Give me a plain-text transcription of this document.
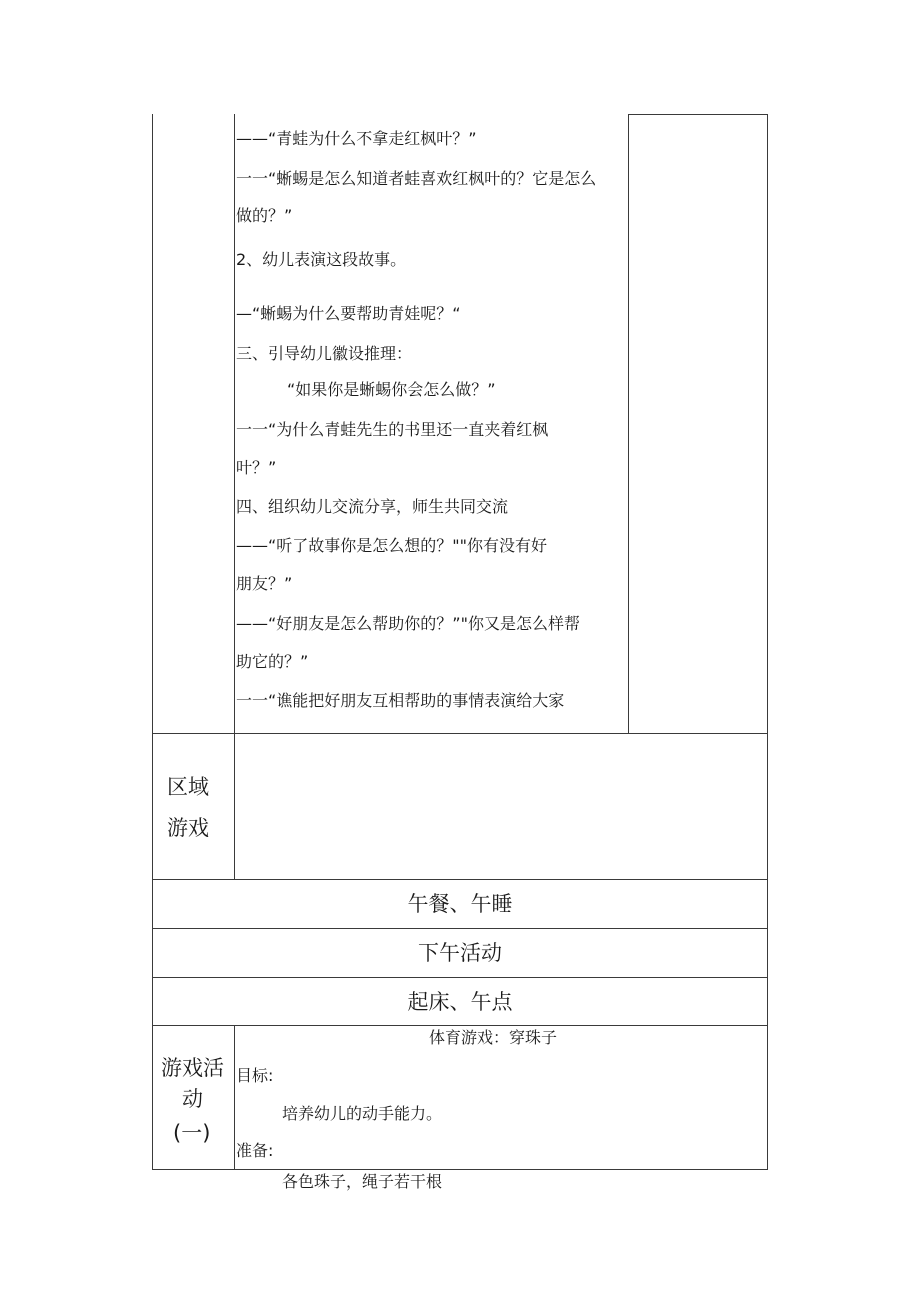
——“青蛙为什么不拿走红枫叶？”
一一“蜥蜴是怎么知道者蛙喜欢红枫叶的？它是怎么
做的？”
2、幼儿表演这段故事。
—“蜥蜴为什么要帮助青娃呢？“
三、引导幼儿徽设推理：
“如果你是蜥蜴你会怎么做？”
一一“为什么青蛙先生的书里还一直夹着红枫
叶？”
四、组织幼儿交流分享，师生共同交流
——“听了故事你是怎么想的？""你有没有好
朋友？”
——“好朋友是怎么帮助你的？”"你又是怎么样帮
助它的？”
一一“谯能把好朋友互相帮助的事情表演给大家
区域
游戏
午餐、午睡
下午活动
起床、午点
游戏活
动
(一)
体育游戏：穿珠子
目标:
培养幼儿的动手能力。
准备:
各色珠子，绳子若干根
